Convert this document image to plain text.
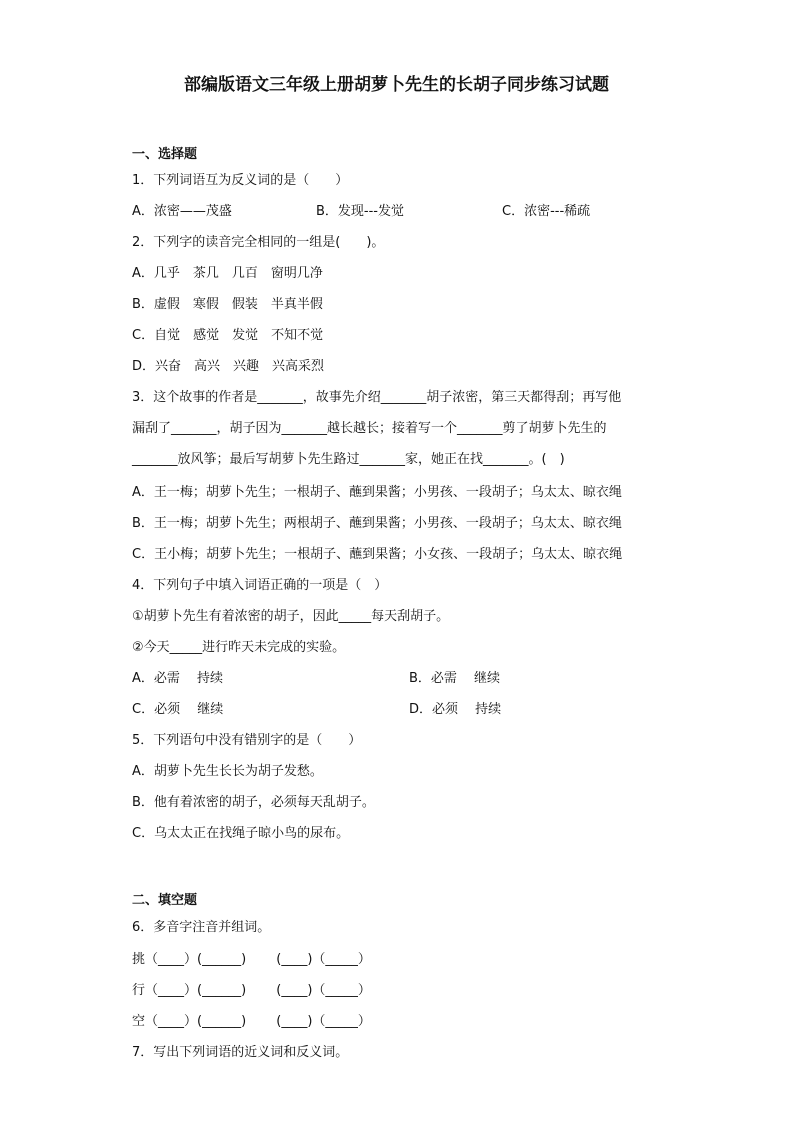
部编版语文三年级上册胡萝卜先生的长胡子同步练习试题
一、选择题
1．下列词语互为反义词的是（　　）
A．浓密——茂盛	B．发现---发觉	C．浓密---稀疏
2．下列字的读音完全相同的一组是(　　)。
A．几乎　茶几　几百　窗明几净
B．虚假　寒假　假装　半真半假
C．自觉　感觉　发觉　不知不觉
D．兴奋　高兴　兴趣　兴高采烈
3．这个故事的作者是_______，故事先介绍_______胡子浓密，第三天都得刮；再写他
漏刮了_______，胡子因为_______越长越长；接着写一个_______剪了胡萝卜先生的
_______放风筝；最后写胡萝卜先生路过_______家，她正在找_______。(　)
A．王一梅；胡萝卜先生；一根胡子、蘸到果酱；小男孩、一段胡子；乌太太、晾衣绳
B．王一梅；胡萝卜先生；两根胡子、蘸到果酱；小男孩、一段胡子；乌太太、晾衣绳
C．王小梅；胡萝卜先生；一根胡子、蘸到果酱；小女孩、一段胡子；乌太太、晾衣绳
4．下列句子中填入词语正确的一项是（　）
①胡萝卜先生有着浓密的胡子，因此_____每天刮胡子。
②今天_____进行昨天未完成的实验。
A．必需　 持续	B．必需　 继续
C．必须　 继续	D．必须　 持续
5．下列语句中没有错别字的是（　　）
A．胡萝卜先生长长为胡子发愁。
B．他有着浓密的胡子，必须每天乱胡子。
C．乌太太正在找绳子晾小鸟的尿布。
二、填空题
6．多音字注音并组词。
挑（____）(______)　　 (____)（_____）
行（____）(______)　　 (____)（_____）
空（____）(______)　　 (____)（_____）
7．写出下列词语的近义词和反义词。
